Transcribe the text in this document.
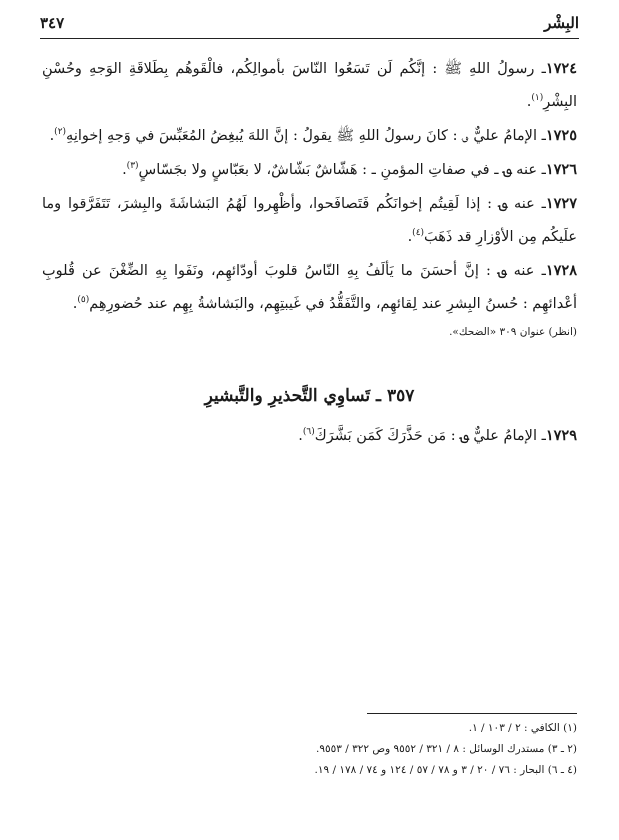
البِشْر
٣٤٧

١٧٢٤ـ رسولُ اللهِ ﷺ : إنَّكُم لَن تَسَعُوا النّاسَ بأموالِكُم، فالْقَوهُم بِطَلاقَةِ الوَجهِ وحُسْنِ البِشْرِ$^{(١)}$.

١٧٢٥ـ الإمامُ عليٌّ ؈ : كانَ رسولُ اللهِ ﷺ يقولُ : إنَّ اللهَ يُبغِضُ المُعَبِّسَ في وَجهِ إخوانِهِ$^{(٢)}$.

١٧٢٦ـ عنه ؈ ـ في صفاتِ المؤمنِ ـ : هَشّاشٌ بَشّاشٌ، لا بعَبّاسٍ ولا بجَسّاسٍ$^{(٣)}$.

١٧٢٧ـ عنه ؈ : إذا لَقِيتُم إخوانَكُم فَتَصافَحوا، وأظْهِروا لَهُمُ البَشاشَةَ والبِشرَ، تَتَفَرَّقوا وما علَيكُم مِن الأوْزارِ قد ذَهَبَ$^{(٤)}$.

١٧٢٨ـ عنه ؈ : إنَّ أحسَنَ ما يَألَفُ بِهِ النّاسُ قلوبَ أودّائهِم، ونَفَوا بِهِ الضِّغْنَ عن قُلوبِ أعْدائهِم : حُسنُ البِشرِ عند لِقائهِم، والتَّفَقُّدُ في غَيبتِهِم، والبَشاشةُ بِهِم عند حُضورِهِم$^{(٥)}$.

(انظر) عنوان ٣٠٩ «الضحك».

٣٥٧ ـ تَساوِي التَّحذيرِ والتَّبشيرِ

١٧٢٩ـ الإمامُ عليٌّ ؈ : مَن حَذَّرَكَ كَمَن بَشَّرَكَ$^{(٦)}$.

(١) الكافي : ٢ / ١٠٣ / ١.
(٢ ـ ٣) مستدرك الوسائل : ٨ / ٣٢١ / ٩٥٥٢ وص ٣٢٢ / ٩٥٥٣.
(٤ ـ ٦) البحار : ٧٦ / ٢٠ / ٣ و ٧٨ / ٥٧ / ١٢٤ و ٧٤ / ١٧٨ / ١٩.
